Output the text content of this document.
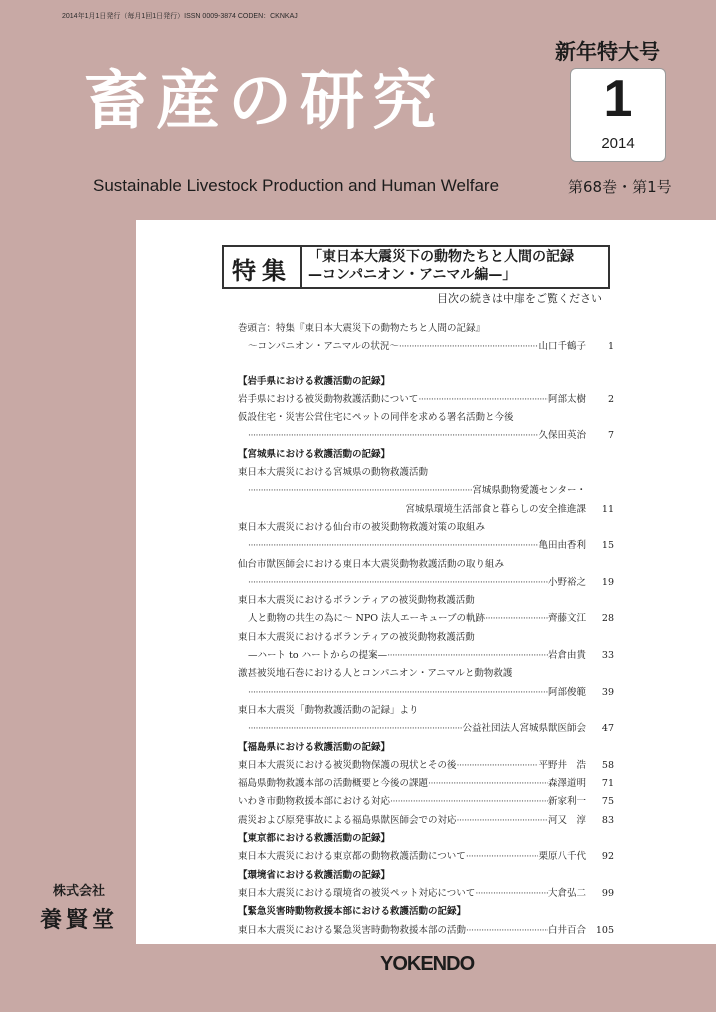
2014年1月1日発行（毎月1回1日発行）ISSN 0009-3874 CODEN：CKNKAJ
畜産の研究
Sustainable Livestock Production and Human Welfare
新年特大号
1
2014
第68巻・第1号
特集 「東日本大震災下の動物たちと人間の記録
—コンパニオン・アニマル編—」
目次の続きは中扉をご覧ください
巻頭言：特集『東日本大震災下の動物たちと人間の記録』
～コンパニオン・アニマルの状況～ ·····	山口千鶴子	1
【岩手県における救護活動の記録】
岩手県における被災動物救護活動について ·····	阿部太樹	2
仮設住宅・災害公営住宅にペットの同伴を求める署名活動と今後
·····
久保田英治	7
【宮城県における救護活動の記録】
東日本大震災における宮城県の動物救護活動
·····
宮城県動物愛護センター・
宮城県環境生活部食と暮らしの安全推進課	11
東日本大震災における仙台市の被災動物救護対策の取組み
·····
亀田由香利	15
仙台市獣医師会における東日本大震災動物救護活動の取り組み
·····
小野裕之	19
東日本大震災におけるボランティアの被災動物救護活動
人と動物の共生の為に～ NPO 法人エーキューブの軌跡 ·····	齊藤文江	28
東日本大震災におけるボランティアの被災動物救護活動
—ハート to ハートからの提案— ·····	岩倉由貴	33
激甚被災地石巻における人とコンパニオン・アニマルと動物救護
·····
阿部俊範	39
東日本大震災「動物救護活動の記録」より
·····
公益社団法人宮城県獣医師会	47
【福島県における救護活動の記録】
東日本大震災における被災動物保護の現状とその後 ·····	平野井　浩	58
福島県動物救護本部の活動概要と今後の課題 ·····	森澤道明	71
いわき市動物救援本部における対応 ·····	新家利一	75
震災および原発事故による福島県獣医師会での対応 ·····	河又　淳	83
【東京都における救護活動の記録】
東日本大震災における東京都の動物救護活動について ·····	栗原八千代	92
【環境省における救護活動の記録】
東日本大震災における環境省の被災ペット対応について ·····	大倉弘二	99
【緊急災害時動物救援本部における救護活動の記録】
東日本大震災における緊急災害時動物救援本部の活動 ·····	白井百合	105
株式会社
養賢堂
YOKENDO
